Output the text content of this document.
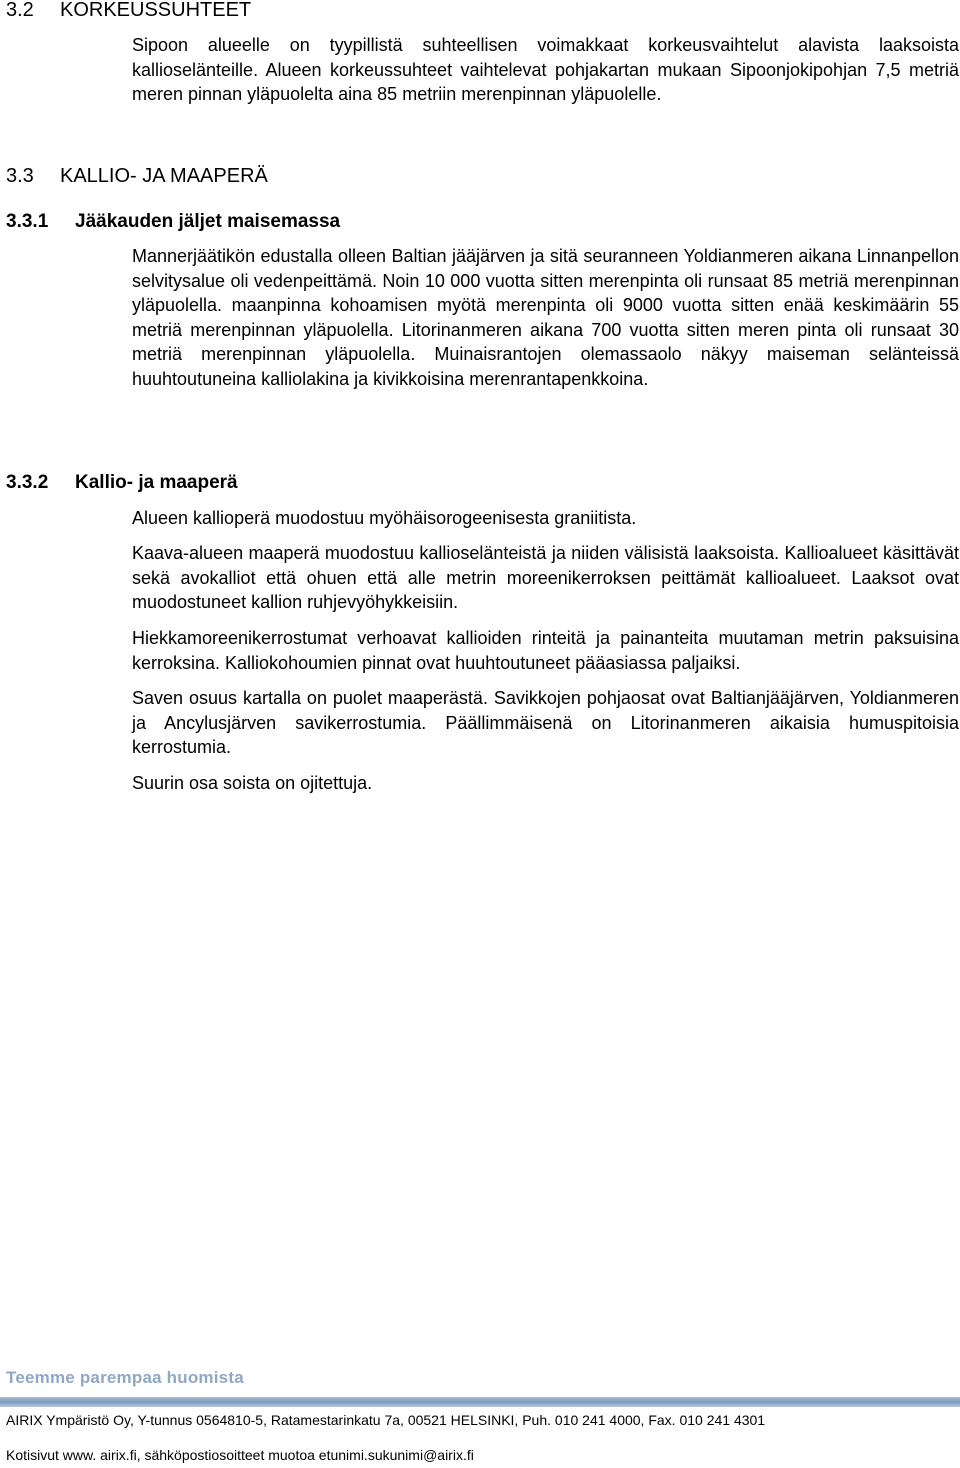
3.2 KORKEUSSUHTEET

Sipoon alueelle on tyypillistä suhteellisen voimakkaat korkeusvaihtelut alavista laaksoista kallioselänteille. Alueen korkeussuhteet vaihtelevat pohjakartan mukaan Sipoonjokipohjan 7,5 metriä meren pinnan yläpuolelta aina 85 metriin merenpinnan yläpuolelle.

3.3 KALLIO- JA MAAPERÄ
3.3.1 Jääkauden jäljet maisemassa

Mannerjäätikön edustalla olleen Baltian jääjärven ja sitä seuranneen Yoldianmeren aikana Linnanpellon selvitysalue oli vedenpeittämä. Noin 10 000 vuotta sitten merenpinta oli runsaat 85 metriä merenpinnan yläpuolella. maanpinna kohoamisen myötä merenpinta oli 9000 vuotta sitten enää keskimäärin 55 metriä merenpinnan yläpuolella. Litorinanmeren aikana 700 vuotta sitten meren pinta oli runsaat 30 metriä merenpinnan yläpuolella. Muinaisrantojen olemassaolo näkyy maiseman selänteissä huuhtoutuneina kalliolakina ja kivikkoisina merenrantapenkkoina.

3.3.2 Kallio- ja maaperä

Alueen kallioperä muodostuu myöhäisorogeenisesta graniitista.

Kaava-alueen maaperä muodostuu kallioselänteistä ja niiden välisistä laaksoista. Kallioalueet käsittävät sekä avokalliot että ohuen että alle metrin moreenikerroksen peittämät kallioalueet. Laaksot ovat muodostuneet kallion ruhjevyöhykkeisiin.

Hiekkamoreenikerrostumat verhoavat kallioiden rinteitä ja painanteita muutaman metrin paksuisina kerroksina. Kalliokohoumien pinnat ovat huuhtoutuneet pääasiassa paljaiksi.

Saven osuus kartalla on puolet maaperästä. Savikkojen pohjaosat ovat Baltianjääjärven, Yoldianmeren ja Ancylusjärven savikerrostumia. Päällimmäisenä on Litorinanmeren aikaisia humuspitoisia kerrostumia.

Suurin osa soista on ojitettuja.

Teemme parempaa huomista
AIRIX Ympäristö Oy, Y-tunnus 0564810-5, Ratamestarinkatu 7a, 00521 HELSINKI, Puh. 010 241 4000, Fax. 010 241 4301
Kotisivut www. airix.fi, sähköpostiosoitteet muotoa etunimi.sukunimi@airix.fi
